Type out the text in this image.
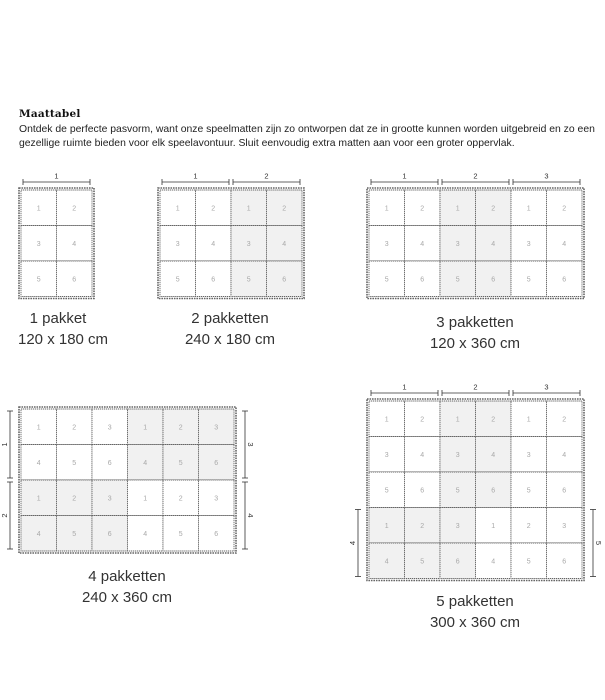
Maattabel

Ontdek de perfecte pasvorm, want onze speelmatten zijn zo ontworpen dat ze in grootte kunnen worden uitgebreid en zo een gezellige ruimte bieden voor elk speelavontuur. Sluit eenvoudig extra matten aan voor een groter oppervlak.

1	2
3	4
5	6
1
1	2	1	2
3	4	3	4
5	6	5	6
1	2
1	2	1	2	1	2
3	4	3	4	3	4
5	6	5	6	5	6
1	2	3
1	2	3	1	2	3
4	5	6	4	5	6
1	2	3	1	2	3
4	5	6	4	5	6
1
2
3
4
1	2	1	2	1	2
3	4	3	4	3	4
5	6	5	6	5	6
1	2	3	1	2	3
4	5	6	4	5	6
1	2	3
4	5
1 pakket
120 x 180 cm
2 pakketten
240 x 180 cm
3 pakketten
120 x 360 cm
4 pakketten
240 x 360 cm	5 pakketten
300 x 360 cm
